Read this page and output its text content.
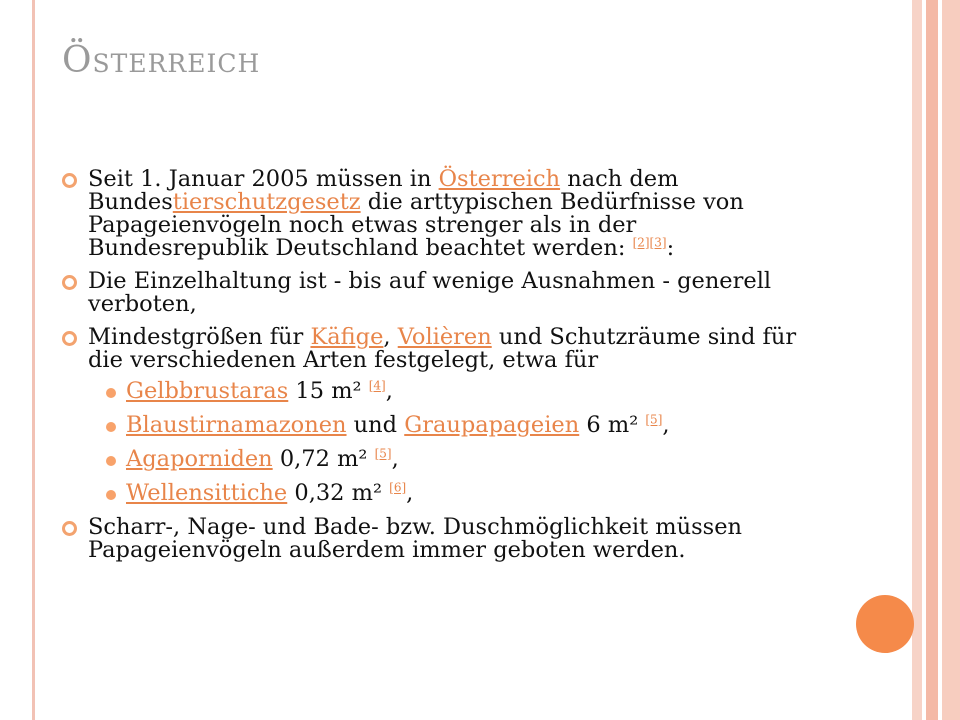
Österreich
Seit 1. Januar 2005 müssen in Österreich nach dem Bundestierschutzgesetz die arttypischen Bedürfnisse von Papageienvögeln noch etwas strenger als in der Bundesrepublik Deutschland beachtet werden: [2][3]:
Die Einzelhaltung ist - bis auf wenige Ausnahmen - generell verboten,
Mindestgrößen für Käfige, Volièren und Schutzräume sind für die verschiedenen Arten festgelegt, etwa für
Gelbbrustaras 15 m² [4],
Blaustirnamazonen und Graupapageien 6 m² [5],
Agaporniden 0,72 m² [5],
Wellensittiche 0,32 m² [6],
Scharr-, Nage- und Bade- bzw. Duschmöglichkeit müssen Papageienvögeln außerdem immer geboten werden.
